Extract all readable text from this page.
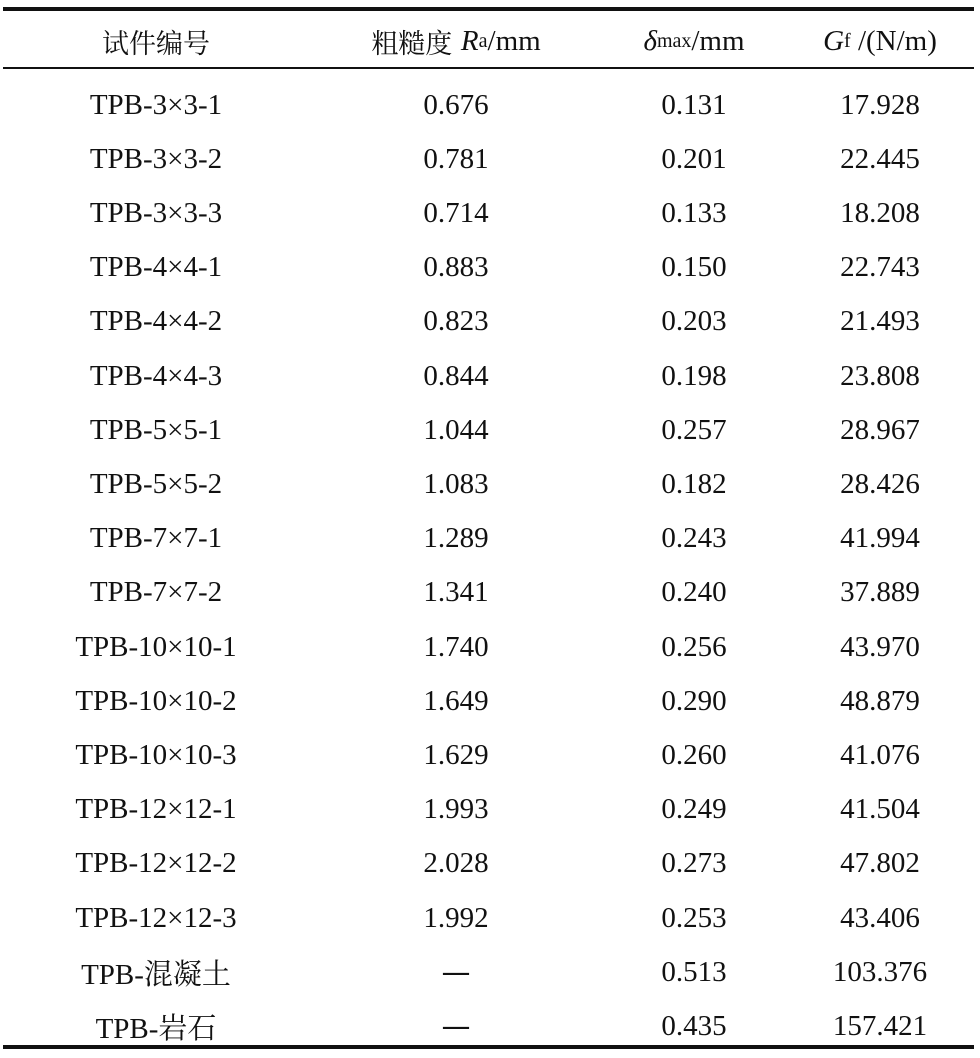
试件编号	粗糙度 R a /mm	δ max /mm	G f /(N/m)
TPB-3×3-1	0.676	0.131	17.928
TPB-3×3-2	0.781	0.201	22.445
TPB-3×3-3	0.714	0.133	18.208
TPB-4×4-1	0.883	0.150	22.743
TPB-4×4-2	0.823	0.203	21.493
TPB-4×4-3	0.844	0.198	23.808
TPB-5×5-1	1.044	0.257	28.967
TPB-5×5-2	1.083	0.182	28.426
TPB-7×7-1	1.289	0.243	41.994
TPB-7×7-2	1.341	0.240	37.889
TPB-10×10-1	1.740	0.256	43.970
TPB-10×10-2	1.649	0.290	48.879
TPB-10×10-3	1.629	0.260	41.076
TPB-12×12-1	1.993	0.249	41.504
TPB-12×12-2	2.028	0.273	47.802
TPB-12×12-3	1.992	0.253	43.406
TPB-混凝土	—	0.513	103.376
TPB-岩石	—	0.435	157.421
